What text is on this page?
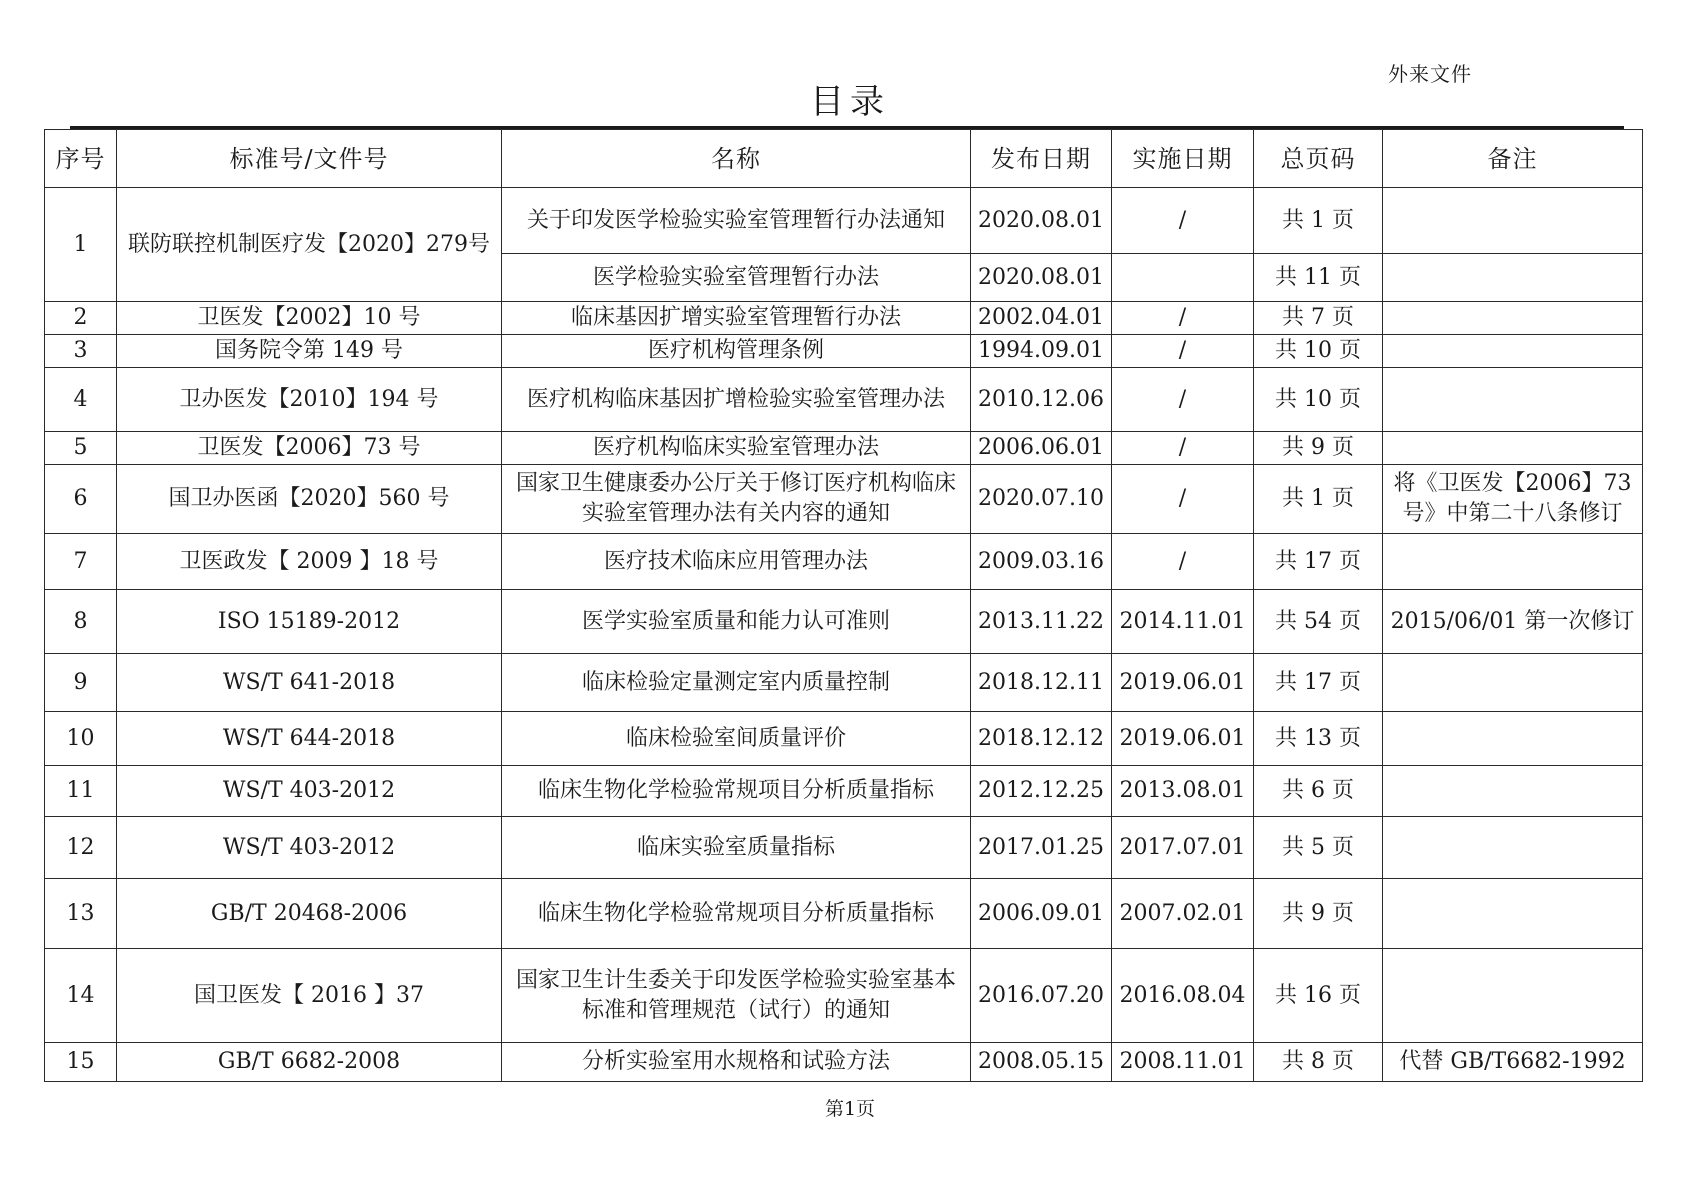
外来文件
目录
序号	标准号/文件号	名称	发布日期	实施日期	总页码	备注
1	联防联控机制医疗发【2020】279号	关于印发医学检验实验室管理暂行办法通知	2020.08.01	/	共 1 页	
		医学检验实验室管理暂行办法	2020.08.01		共 11 页	
2	卫医发【2002】10 号	临床基因扩增实验室管理暂行办法	2002.04.01	/	共 7 页	
3	国务院令第 149 号	医疗机构管理条例	1994.09.01	/	共 10 页	
4	卫办医发【2010】194 号	医疗机构临床基因扩增检验实验室管理办法	2010.12.06	/	共 10 页	
5	卫医发【2006】73 号	医疗机构临床实验室管理办法	2006.06.01	/	共 9 页	
6	国卫办医函【2020】560 号	国家卫生健康委办公厅关于修订医疗机构临床实验室管理办法有关内容的通知	2020.07.10	/	共 1 页	将《卫医发【2006】73号》中第二十八条修订
7	卫医政发【 2009 】18 号	医疗技术临床应用管理办法	2009.03.16	/	共 17 页	
8	ISO 15189-2012	医学实验室质量和能力认可准则	2013.11.22	2014.11.01	共 54 页	2015/06/01 第一次修订
9	WS/T 641-2018	临床检验定量测定室内质量控制	2018.12.11	2019.06.01	共 17 页	
10	WS/T 644-2018	临床检验室间质量评价	2018.12.12	2019.06.01	共 13 页	
11	WS/T 403-2012	临床生物化学检验常规项目分析质量指标	2012.12.25	2013.08.01	共 6 页	
12	WS/T 403-2012	临床实验室质量指标	2017.01.25	2017.07.01	共 5 页	
13	GB/T 20468-2006	临床生物化学检验常规项目分析质量指标	2006.09.01	2007.02.01	共 9 页	
14	国卫医发【 2016 】37	国家卫生计生委关于印发医学检验实验室基本标准和管理规范（试行）的通知	2016.07.20	2016.08.04	共 16 页	
15	GB/T 6682-2008	分析实验室用水规格和试验方法	2008.05.15	2008.11.01	共 8 页	代替 GB/T6682-1992
第1页
